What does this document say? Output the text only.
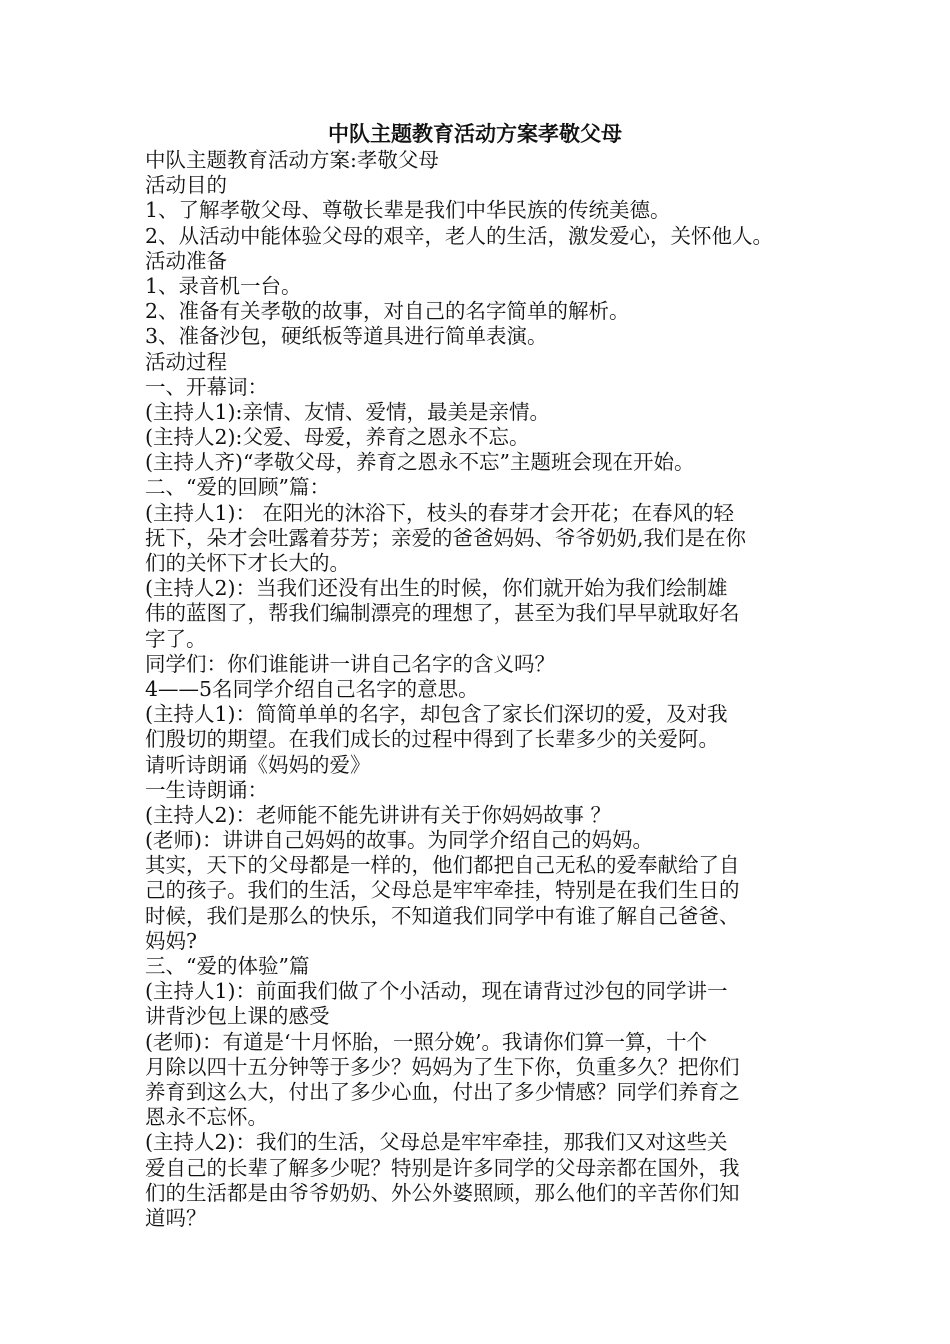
中队主题教育活动方案孝敬父母
中队主题教育活动方案:孝敬父母
活动目的
1、了解孝敬父母、尊敬长辈是我们中华民族的传统美德。
2、从活动中能体验父母的艰辛，老人的生活，激发爱心，关怀他人。
活动准备
1、录音机一台。
2、准备有关孝敬的故事，对自己的名字简单的解析。
3、准备沙包，硬纸板等道具进行简单表演。
活动过程
一、开幕词：
(主持人1):亲情、友情、爱情，最美是亲情。
(主持人2):父爱、母爱，养育之恩永不忘。
(主持人齐)“孝敬父母，养育之恩永不忘”主题班会现在开始。
二、“爱的回顾”篇：
(主持人1)： 在阳光的沐浴下，枝头的春芽才会开花；在春风的轻
抚下，朵才会吐露着芬芳；亲爱的爸爸妈妈、爷爷奶奶,我们是在你
们的关怀下才长大的。
(主持人2)：当我们还没有出生的时候，你们就开始为我们绘制雄
伟的蓝图了，帮我们编制漂亮的理想了，甚至为我们早早就取好名
字了。
同学们：你们谁能讲一讲自己名字的含义吗？
4——5名同学介绍自己名字的意思。
(主持人1)：简简单单的名字，却包含了家长们深切的爱，及对我
们殷切的期望。在我们成长的过程中得到了长辈多少的关爱阿。
请听诗朗诵《妈妈的爱》
一生诗朗诵：
(主持人2)：老师能不能先讲讲有关于你妈妈故事 ？
(老师)：讲讲自己妈妈的故事。为同学介绍自己的妈妈。
其实，天下的父母都是一样的，他们都把自己无私的爱奉献给了自
己的孩子。我们的生活，父母总是牢牢牵挂，特别是在我们生日的
时候，我们是那么的快乐，不知道我们同学中有谁了解自己爸爸、
妈妈?
三、“爱的体验”篇
(主持人1)：前面我们做了个小活动，现在请背过沙包的同学讲一
讲背沙包上课的感受
(老师)：有道是‘十月怀胎，一照分娩’。我请你们算一算，十个
月除以四十五分钟等于多少？妈妈为了生下你，负重多久？把你们
养育到这么大，付出了多少心血，付出了多少情感？同学们养育之
恩永不忘怀。
(主持人2)：我们的生活，父母总是牢牢牵挂，那我们又对这些关
爱自己的长辈了解多少呢？特别是许多同学的父母亲都在国外，我
们的生活都是由爷爷奶奶、外公外婆照顾，那么他们的辛苦你们知
道吗？
